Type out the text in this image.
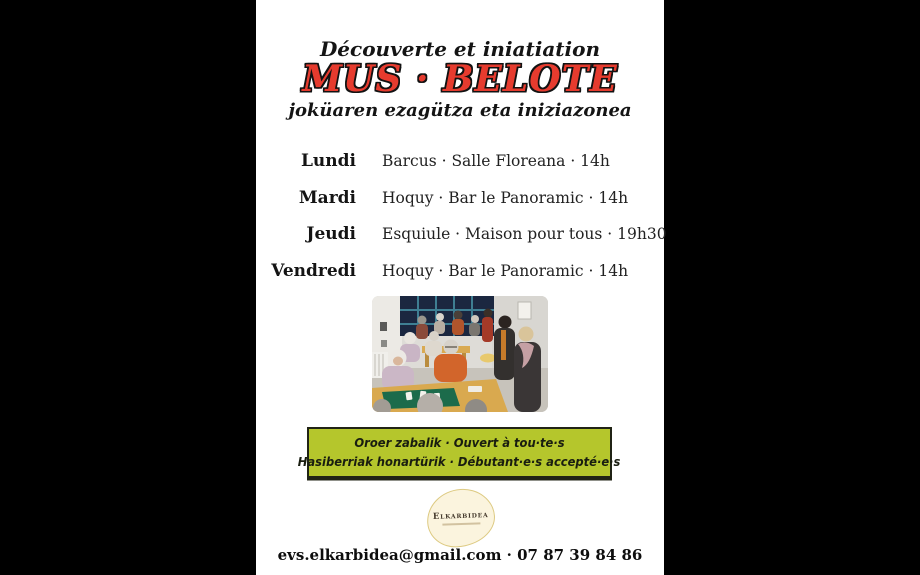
Découverte et iniatiation
MUS · BELOTE
joküaren ezagütza eta iniziazonea
Lundi Barcus · Salle Floreana · 14h
Mardi Hoquy · Bar le Panoramic · 14h
Jeudi Esquiule · Maison pour tous · 19h30
Vendredi Hoquy · Bar le Panoramic · 14h
Oroer zabalik · Ouvert à tou·te·s
Hasiberriak honartürik · Débutant·e·s accepté·e·s
Elkarbidea
evs.elkarbidea@gmail.com · 07 87 39 84 86
